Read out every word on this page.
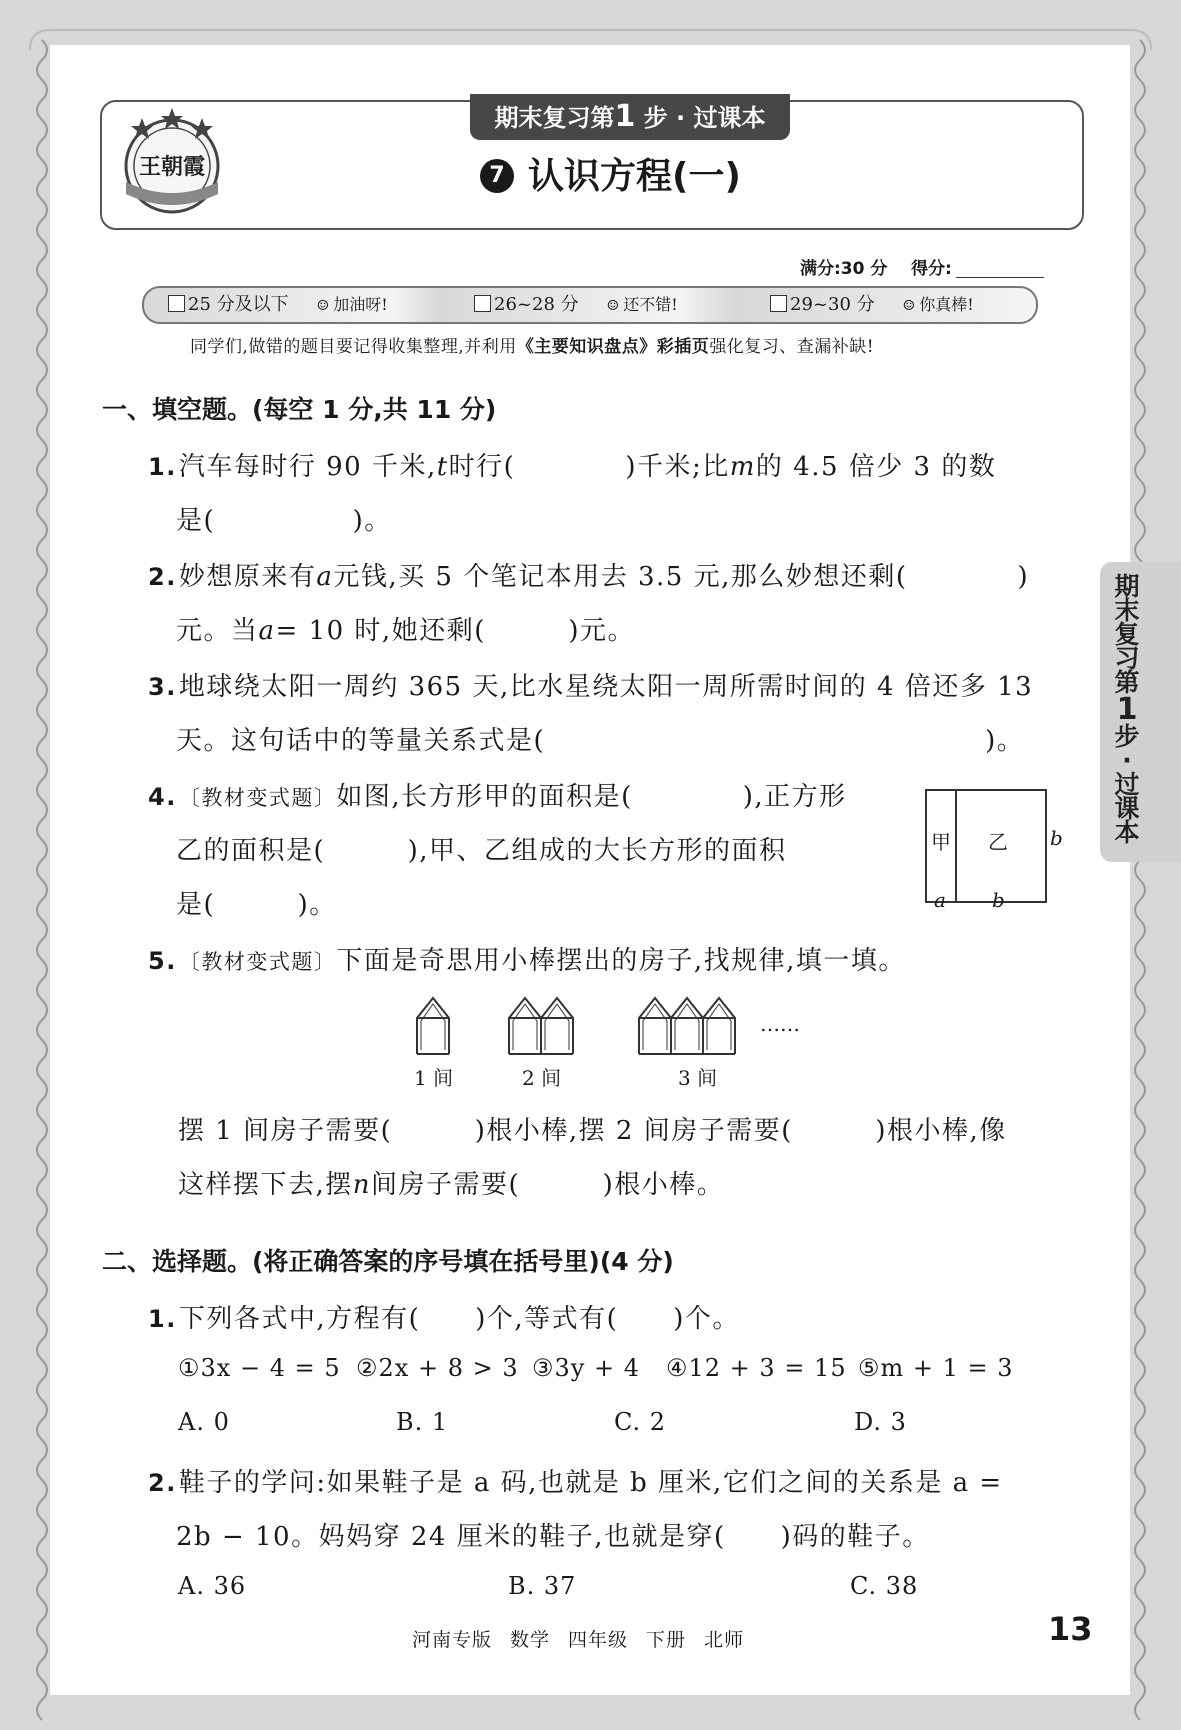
王朝霞
期末复习第1 步 · 过课本
7 认识方程(一)
满分:30 分 得分:
25 分及以下 ☺ 加油呀!	26~28 分 ☺ 还不错!	29~30 分 ☺ 你真棒!
同学们,做错的题目要记得收集整理,并利用《主要知识盘点》彩插页强化复习、查漏补缺!
一、填空题。(每空 1 分,共 11 分)
1.汽车每时行 90 千米,t时行(　　　　)千米;比m的 4.5 倍少 3 的数
是(　　　　　)。
2.妙想原来有a元钱,买 5 个笔记本用去 3.5 元,那么妙想还剩(　　　　)
元。当a= 10 时,她还剩(　　　)元。
3.地球绕太阳一周约 365 天,比水星绕太阳一周所需时间的 4 倍还多 13
天。这句话中的等量关系式是(　　　　　　　　　　　　　　　　)。
4.〔教材变式题〕如图,长方形甲的面积是(　　　　),正方形
乙的面积是(　　　),甲、乙组成的大长方形的面积
是(　　　)。
甲 乙 b
a b
5.〔教材变式题〕下面是奇思用小棒摆出的房子,找规律,填一填。
……
1 间	2 间	3 间
摆 1 间房子需要(　　　)根小棒,摆 2 间房子需要(　　　)根小棒,像
这样摆下去,摆n间房子需要(　　　)根小棒。
二、选择题。(将正确答案的序号填在括号里)(4 分)
1.下列各式中,方程有(　　)个,等式有(　　)个。
①3x − 4 = 5 ②2x + 8 > 3 ③3y + 4 ④12 + 3 = 15 ⑤m + 1 = 3
A. 0	B. 1	C. 2	D. 3
2.鞋子的学问:如果鞋子是 a 码,也就是 b 厘米,它们之间的关系是 a =
2b − 10。妈妈穿 24 厘米的鞋子,也就是穿(　　)码的鞋子。
A. 36	B. 37	C. 38
期
末
复
习
第
1
步
·
过
课
本
河南专版 数学 四年级 下册 北师	13
